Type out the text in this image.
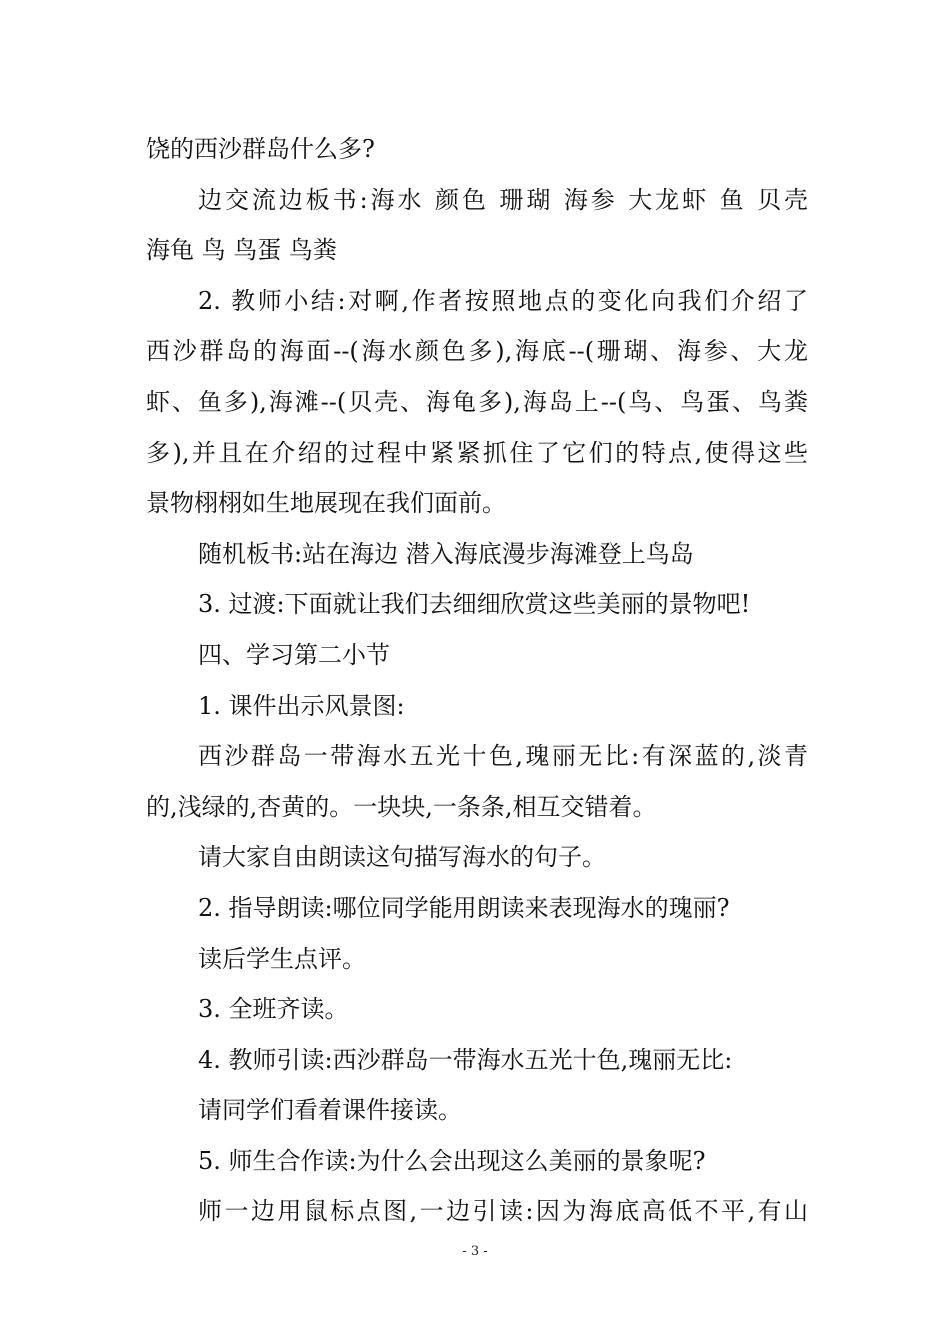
饶的西沙群岛什么多?
边交流边板书:海水 颜色 珊瑚 海参 大龙虾 鱼 贝壳
海龟 鸟 鸟蛋 鸟粪
2. 教师小结:对啊,作者按照地点的变化向我们介绍了
西沙群岛的海面--(海水颜色多),海底--(珊瑚、海参、大龙
虾、鱼多),海滩--(贝壳、海龟多),海岛上--(鸟、鸟蛋、鸟粪
多),并且在介绍的过程中紧紧抓住了它们的特点,使得这些
景物栩栩如生地展现在我们面前。
随机板书:站在海边 潜入海底漫步海滩登上鸟岛
3. 过渡:下面就让我们去细细欣赏这些美丽的景物吧!
四、学习第二小节
1. 课件出示风景图:
西沙群岛一带海水五光十色,瑰丽无比:有深蓝的,淡青
的,浅绿的,杏黄的。一块块,一条条,相互交错着。
请大家自由朗读这句描写海水的句子。
2. 指导朗读:哪位同学能用朗读来表现海水的瑰丽?
读后学生点评。
3. 全班齐读。
4. 教师引读:西沙群岛一带海水五光十色,瑰丽无比:
请同学们看着课件接读。
5. 师生合作读:为什么会出现这么美丽的景象呢?
师一边用鼠标点图,一边引读:因为海底高低不平,有山
- 3 -
